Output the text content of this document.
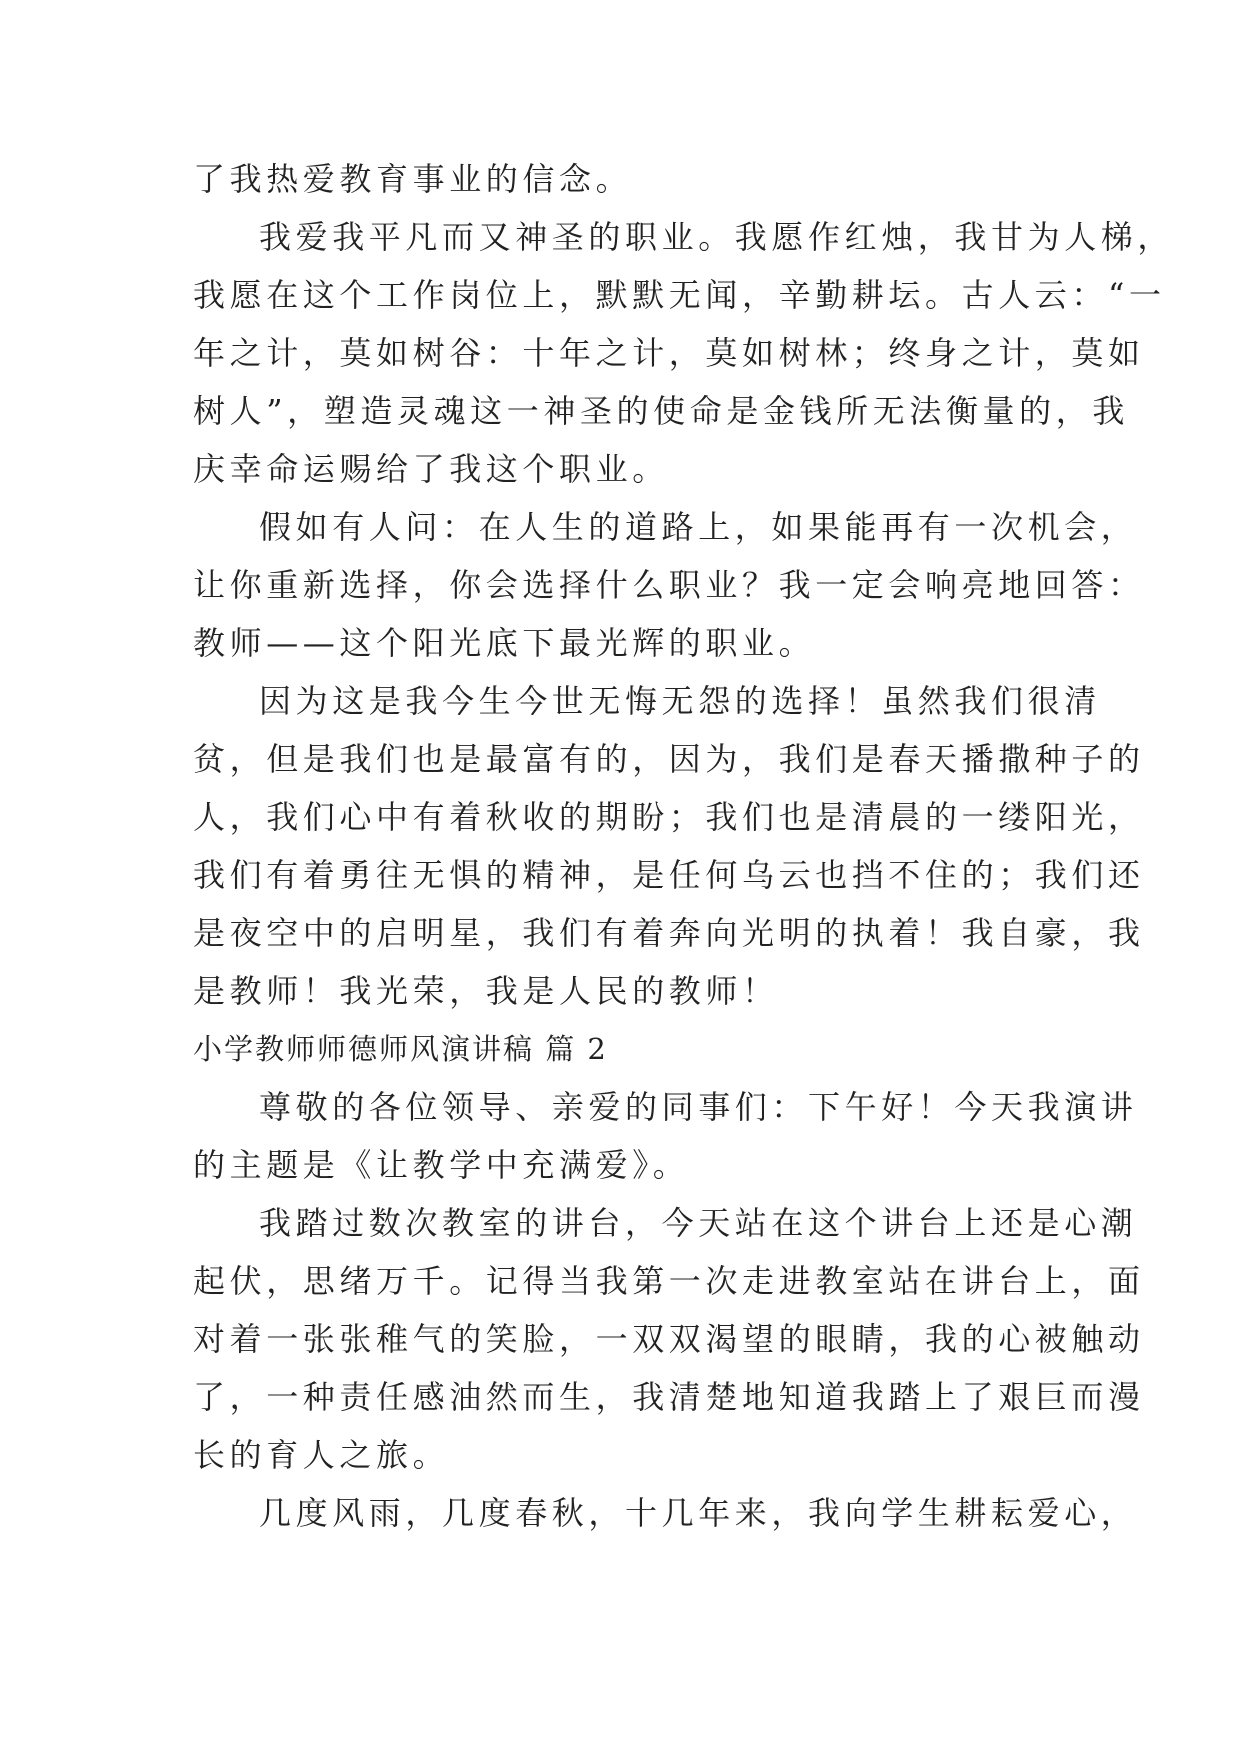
了我热爱教育事业的信念。
我爱我平凡而又神圣的职业。我愿作红烛，我甘为人梯，
我愿在这个工作岗位上，默默无闻，辛勤耕坛。古人云：“一
年之计，莫如树谷：十年之计，莫如树林；终身之计，莫如
树人”，塑造灵魂这一神圣的使命是金钱所无法衡量的，我
庆幸命运赐给了我这个职业。
假如有人问：在人生的道路上，如果能再有一次机会，
让你重新选择，你会选择什么职业？我一定会响亮地回答：
教师——这个阳光底下最光辉的职业。
因为这是我今生今世无悔无怨的选择！虽然我们很清
贫，但是我们也是最富有的，因为，我们是春天播撒种子的
人，我们心中有着秋收的期盼；我们也是清晨的一缕阳光，
我们有着勇往无惧的精神，是任何乌云也挡不住的；我们还
是夜空中的启明星，我们有着奔向光明的执着！我自豪，我
是教师！我光荣，我是人民的教师！
小学教师师德师风演讲稿 篇 2
尊敬的各位领导、亲爱的同事们：下午好！今天我演讲
的主题是《让教学中充满爱》。
我踏过数次教室的讲台，今天站在这个讲台上还是心潮
起伏，思绪万千。记得当我第一次走进教室站在讲台上，面
对着一张张稚气的笑脸，一双双渴望的眼睛，我的心被触动
了，一种责任感油然而生，我清楚地知道我踏上了艰巨而漫
长的育人之旅。
几度风雨，几度春秋，十几年来，我向学生耕耘爱心，
